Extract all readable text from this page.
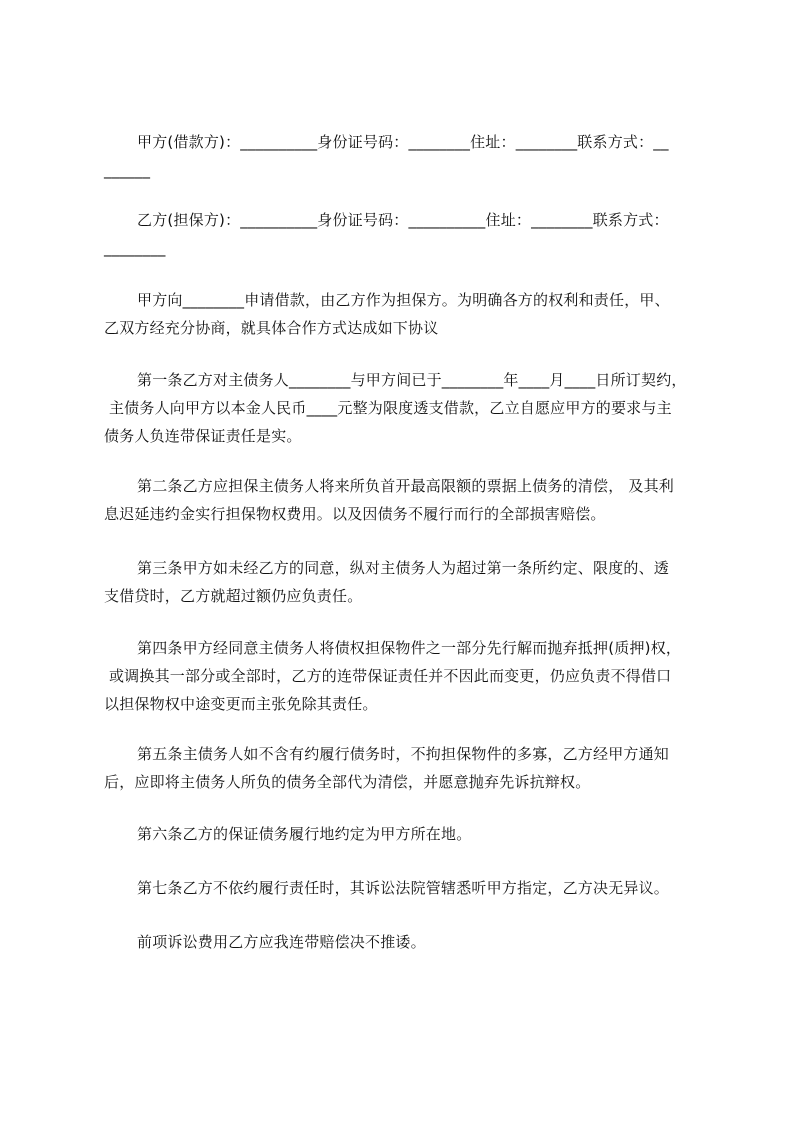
甲方(借款方)：__________身份证号码：________住址：________联系方式：__
______
乙方(担保方)：__________身份证号码：__________住址：________联系方式：
________
甲方向________申请借款，由乙方作为担保方。为明确各方的权利和责任，甲、
乙双方经充分协商，就具体合作方式达成如下协议
第一条乙方对主债务人________与甲方间已于________年____月____日所订契约，
主债务人向甲方以本金人民币____元整为限度透支借款，乙立自愿应甲方的要求与主
债务人负连带保证责任是实。
第二条乙方应担保主债务人将来所负首开最高限额的票据上债务的清偿， 及其利
息迟延违约金实行担保物权费用。以及因债务不履行而行的全部损害赔偿。
第三条甲方如未经乙方的同意，纵对主债务人为超过第一条所约定、限度的、透
支借贷时，乙方就超过额仍应负责任。
第四条甲方经同意主债务人将债权担保物件之一部分先行解而抛弃抵押(质押)权，
或调换其一部分或全部时，乙方的连带保证责任并不因此而变更，仍应负责不得借口
以担保物权中途变更而主张免除其责任。
第五条主债务人如不含有约履行债务时，不拘担保物件的多寡，乙方经甲方通知
后，应即将主债务人所负的债务全部代为清偿，并愿意抛弃先诉抗辩权。
第六条乙方的保证债务履行地约定为甲方所在地。
第七条乙方不依约履行责任时，其诉讼法院管辖悉听甲方指定，乙方决无异议。
前项诉讼费用乙方应我连带赔偿决不推诿。
